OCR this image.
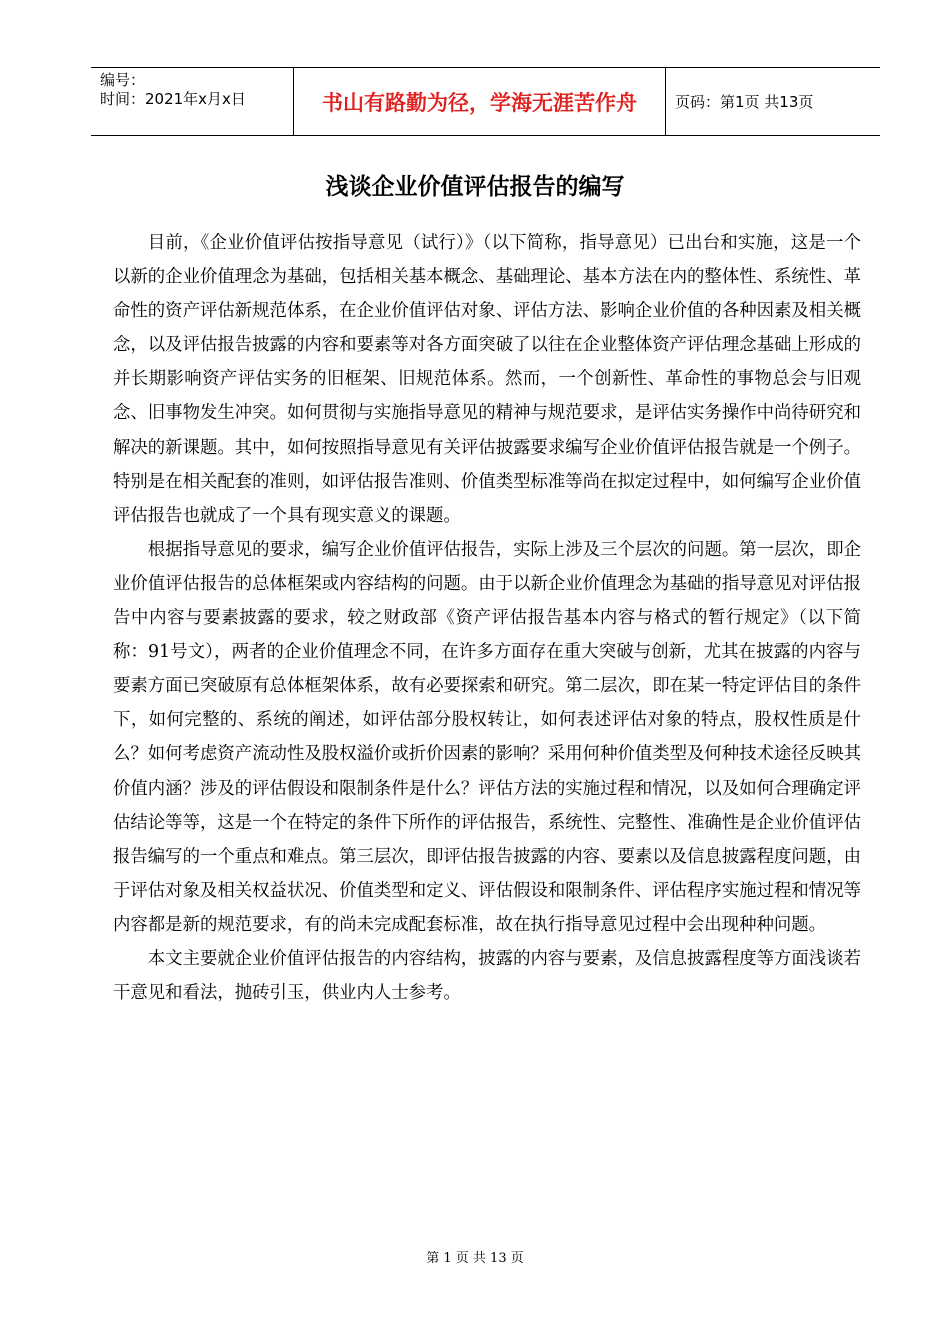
编号：
时间：2021年x月x日	书山有路勤为径，学海无涯苦作舟	页码：第1页 共13页
浅谈企业价值评估报告的编写

目前，《企业价值评估按指导意见（试行）》（以下简称，指导意见）已出台和实施，这是一个以新的企业价值理念为基础，包括相关基本概念、基础理论、基本方法在内的整体性、系统性、革命性的资产评估新规范体系，在企业价值评估对象、评估方法、影响企业价值的各种因素及相关概念，以及评估报告披露的内容和要素等对各方面突破了以往在企业整体资产评估理念基础上形成的并长期影响资产评估实务的旧框架、旧规范体系。然而，一个创新性、革命性的事物总会与旧观念、旧事物发生冲突。如何贯彻与实施指导意见的精神与规范要求，是评估实务操作中尚待研究和解决的新课题。其中，如何按照指导意见有关评估披露要求编写企业价值评估报告就是一个例子。特别是在相关配套的准则，如评估报告准则、价值类型标准等尚在拟定过程中，如何编写企业价值评估报告也就成了一个具有现实意义的课题。

根据指导意见的要求，编写企业价值评估报告，实际上涉及三个层次的问题。第一层次，即企业价值评估报告的总体框架或内容结构的问题。由于以新企业价值理念为基础的指导意见对评估报告中内容与要素披露的要求，较之财政部《资产评估报告基本内容与格式的暂行规定》（以下简称：91号文），两者的企业价值理念不同，在许多方面存在重大突破与创新，尤其在披露的内容与要素方面已突破原有总体框架体系，故有必要探索和研究。第二层次，即在某一特定评估目的条件下，如何完整的、系统的阐述，如评估部分股权转让，如何表述评估对象的特点，股权性质是什么？如何考虑资产流动性及股权溢价或折价因素的影响？采用何种价值类型及何种技术途径反映其价值内涵？涉及的评估假设和限制条件是什么？评估方法的实施过程和情况，以及如何合理确定评估结论等等，这是一个在特定的条件下所作的评估报告，系统性、完整性、准确性是企业价值评估报告编写的一个重点和难点。第三层次，即评估报告披露的内容、要素以及信息披露程度问题，由于评估对象及相关权益状况、价值类型和定义、评估假设和限制条件、评估程序实施过程和情况等内容都是新的规范要求，有的尚未完成配套标准，故在执行指导意见过程中会出现种种问题。

本文主要就企业价值评估报告的内容结构，披露的内容与要素，及信息披露程度等方面浅谈若干意见和看法，抛砖引玉，供业内人士参考。

第 1 页 共 13 页
